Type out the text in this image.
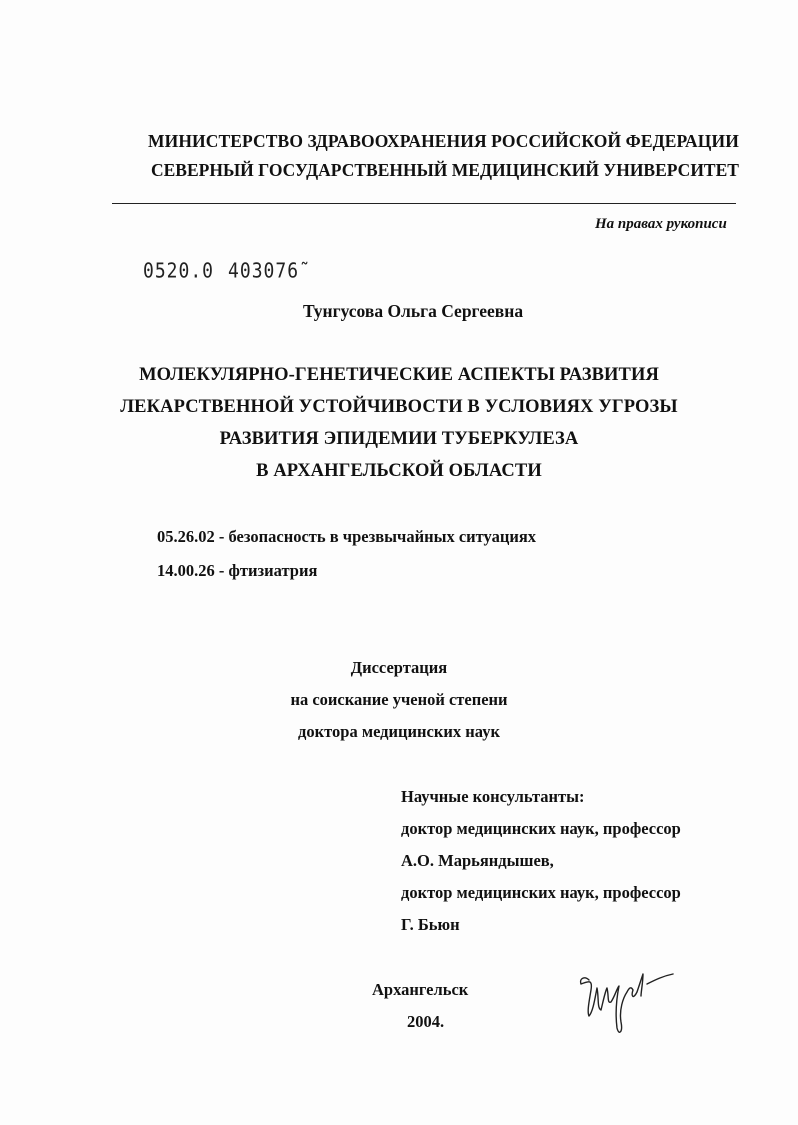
МИНИСТЕРСТВО ЗДРАВООХРАНЕНИЯ РОССИЙСКОЙ ФЕДЕРАЦИИ
СЕВЕРНЫЙ ГОСУДАРСТВЕННЫЙ МЕДИЦИНСКИЙ УНИВЕРСИТЕТ
На правах рукописи
0520.0 403076˜
Тунгусова Ольга Сергеевна
МОЛЕКУЛЯРНО-ГЕНЕТИЧЕСКИЕ АСПЕКТЫ РАЗВИТИЯ
ЛЕКАРСТВЕННОЙ УСТОЙЧИВОСТИ В УСЛОВИЯХ УГРОЗЫ
РАЗВИТИЯ ЭПИДЕМИИ ТУБЕРКУЛЕЗА
В АРХАНГЕЛЬСКОЙ ОБЛАСТИ
05.26.02 - безопасность в чрезвычайных ситуациях
14.00.26 - фтизиатрия
Диссертация
на соискание ученой степени
доктора медицинских наук
Научные консультанты:
доктор медицинских наук, профессор
А.О. Марьяндышев,
доктор медицинских наук, профессор
Г. Бьюн
Архангельск
2004.
